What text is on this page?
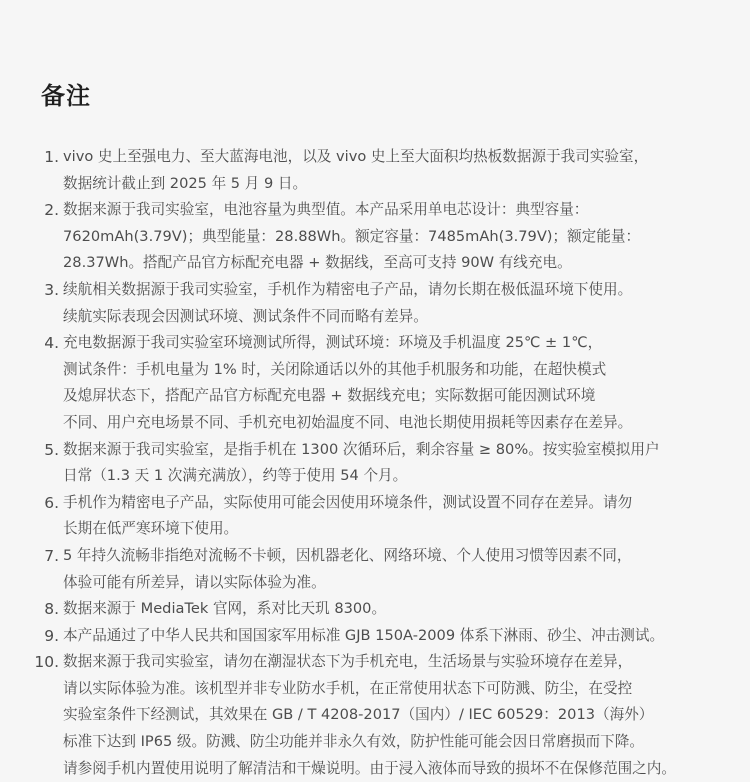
备注
1. vivo 史上至强电力、至大蓝海电池，以及 vivo 史上至大面积均热板数据源于我司实验室，
数据统计截止到 2025 年 5 月 9 日。
2. 数据来源于我司实验室，电池容量为典型值。本产品采用单电芯设计：典型容量：
7620mAh(3.79V)；典型能量：28.88Wh。额定容量：7485mAh(3.79V)；额定能量：
28.37Wh。搭配产品官方标配充电器 + 数据线，至高可支持 90W 有线充电。
3. 续航相关数据源于我司实验室，手机作为精密电子产品，请勿长期在极低温环境下使用。
续航实际表现会因测试环境、测试条件不同而略有差异。
4. 充电数据源于我司实验室环境测试所得，测试环境：环境及手机温度 25℃ ± 1℃，
测试条件：手机电量为 1% 时，关闭除通话以外的其他手机服务和功能，在超快模式
及熄屏状态下，搭配产品官方标配充电器 + 数据线充电；实际数据可能因测试环境
不同、用户充电场景不同、手机充电初始温度不同、电池长期使用损耗等因素存在差异。
5. 数据来源于我司实验室，是指手机在 1300 次循环后，剩余容量 ≥ 80%。按实验室模拟用户
日常（1.3 天 1 次满充满放），约等于使用 54 个月。
6. 手机作为精密电子产品，实际使用可能会因使用环境条件，测试设置不同存在差异。请勿
长期在低严寒环境下使用。
7. 5 年持久流畅非指绝对流畅不卡顿，因机器老化、网络环境、个人使用习惯等因素不同，
体验可能有所差异，请以实际体验为准。
8. 数据来源于 MediaTek 官网，系对比天玑 8300。
9. 本产品通过了中华人民共和国国家军用标准 GJB 150A-2009 体系下淋雨、砂尘、冲击测试。
10. 数据来源于我司实验室，请勿在潮湿状态下为手机充电，生活场景与实验环境存在差异，
请以实际体验为准。该机型并非专业防水手机，在正常使用状态下可防溅、防尘，在受控
实验室条件下经测试，其效果在 GB / T 4208-2017（国内）/ IEC 60529：2013（海外）
标准下达到 IP65 级。防溅、防尘功能并非永久有效，防护性能可能会因日常磨损而下降。
请参阅手机内置使用说明了解清洁和干燥说明。由于浸入液体而导致的损坏不在保修范围之内。
